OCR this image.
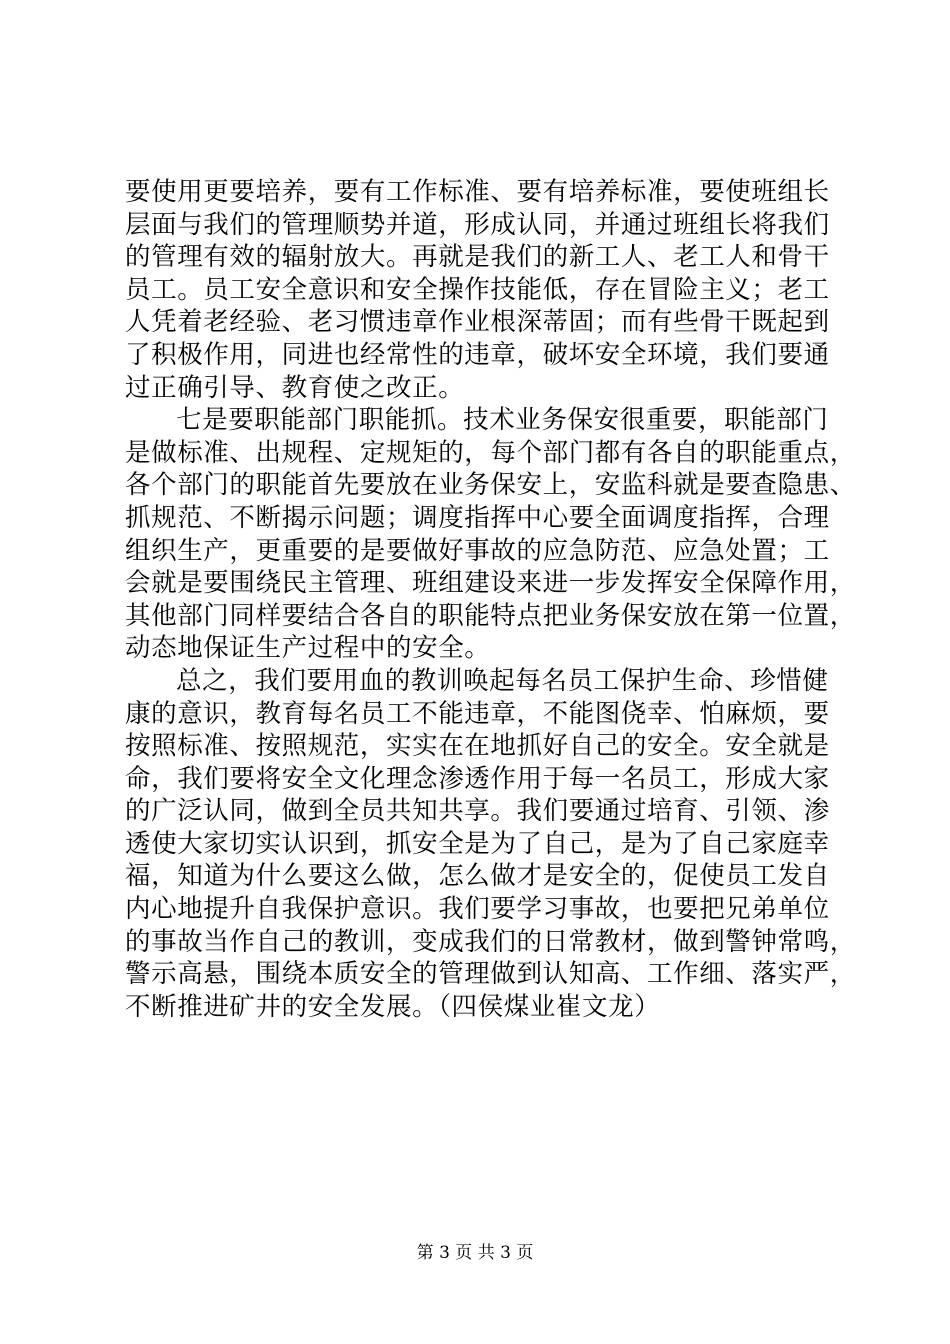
要使用更要培养，要有工作标准、要有培养标准，要使班组长
层面与我们的管理顺势并道，形成认同，并通过班组长将我们
的管理有效的辐射放大。再就是我们的新工人、老工人和骨干
员工。员工安全意识和安全操作技能低，存在冒险主义；老工
人凭着老经验、老习惯违章作业根深蒂固；而有些骨干既起到
了积极作用，同进也经常性的违章，破坏安全环境，我们要通
过正确引导、教育使之改正。
七是要职能部门职能抓。技术业务保安很重要，职能部门
是做标准、出规程、定规矩的，每个部门都有各自的职能重点，
各个部门的职能首先要放在业务保安上，安监科就是要查隐患、
抓规范、不断揭示问题；调度指挥中心要全面调度指挥，合理
组织生产，更重要的是要做好事故的应急防范、应急处置；工
会就是要围绕民主管理、班组建设来进一步发挥安全保障作用，
其他部门同样要结合各自的职能特点把业务保安放在第一位置，
动态地保证生产过程中的安全。
总之，我们要用血的教训唤起每名员工保护生命、珍惜健
康的意识，教育每名员工不能违章，不能图侥幸、怕麻烦，要
按照标准、按照规范，实实在在地抓好自己的安全。安全就是
命，我们要将安全文化理念渗透作用于每一名员工，形成大家
的广泛认同，做到全员共知共享。我们要通过培育、引领、渗
透使大家切实认识到，抓安全是为了自己，是为了自己家庭幸
福，知道为什么要这么做，怎么做才是安全的，促使员工发自
内心地提升自我保护意识。我们要学习事故，也要把兄弟单位
的事故当作自己的教训，变成我们的日常教材，做到警钟常鸣，
警示高悬，围绕本质安全的管理做到认知高、工作细、落实严，
不断推进矿井的安全发展。（四侯煤业崔文龙）
第 3 页 共 3 页
